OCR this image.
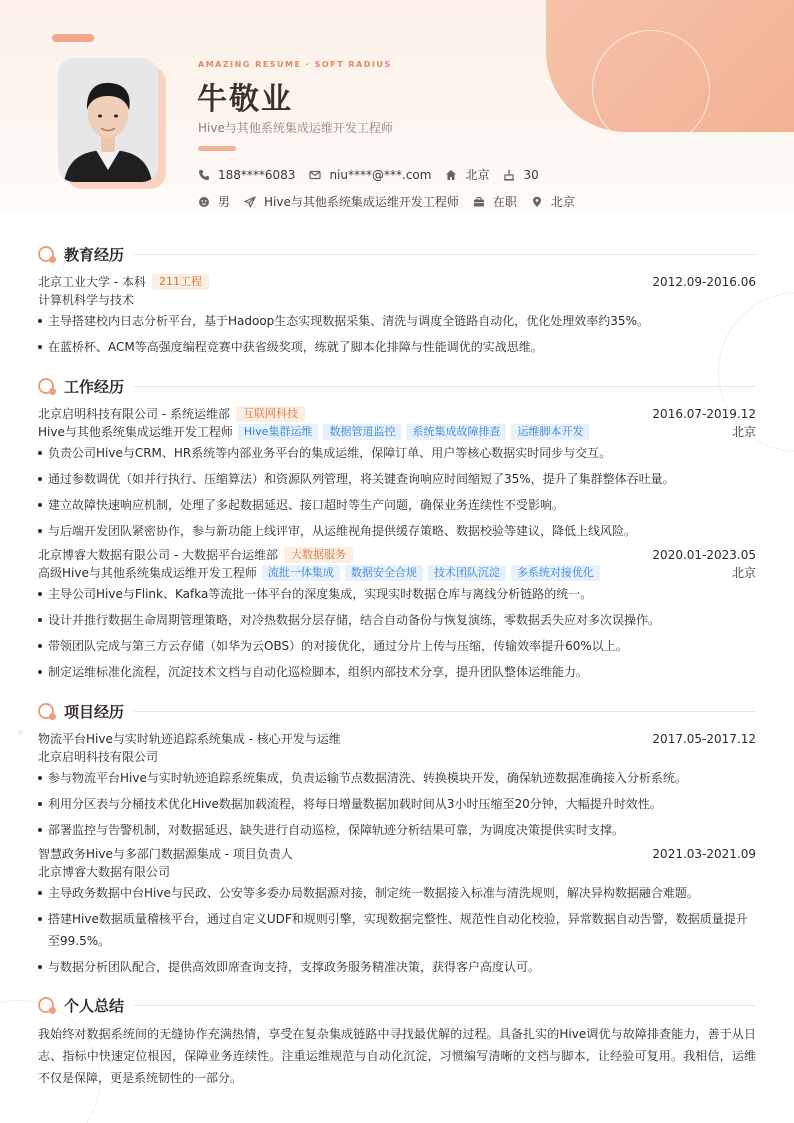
AMAZING RESUME · SOFT RADIUS
牛敬业
Hive与其他系统集成运维开发工程师
188****6083	niu****@***.com	北京	30
男	Hive与其他系统集成运维开发工程师	在职	北京
教育经历
北京工业大学 - 本科	211工程	2012.09-2016.06
计算机科学与技术
主导搭建校内日志分析平台，基于Hadoop生态实现数据采集、清洗与调度全链路自动化，优化处理效率约35%。
在蓝桥杯、ACM等高强度编程竞赛中获省级奖项，练就了脚本化排障与性能调优的实战思维。
工作经历
北京启明科技有限公司 - 系统运维部	互联网科技	2016.07-2019.12
Hive与其他系统集成运维开发工程师	Hive集群运维	数据管道监控	系统集成故障排查	运维脚本开发	北京
负责公司Hive与CRM、HR系统等内部业务平台的集成运维，保障订单、用户等核心数据实时同步与交互。
通过参数调优（如并行执行、压缩算法）和资源队列管理，将关键查询响应时间缩短了35%，提升了集群整体吞吐量。
建立故障快速响应机制，处理了多起数据延迟、接口超时等生产问题，确保业务连续性不受影响。
与后端开发团队紧密协作，参与新功能上线评审，从运维视角提供缓存策略、数据校验等建议，降低上线风险。
北京博睿大数据有限公司 - 大数据平台运维部	大数据服务	2020.01-2023.05
高级Hive与其他系统集成运维开发工程师	流批一体集成	数据安全合规	技术团队沉淀	多系统对接优化	北京
主导公司Hive与Flink、Kafka等流批一体平台的深度集成，实现实时数据仓库与离线分析链路的统一。
设计并推行数据生命周期管理策略，对冷热数据分层存储，结合自动备份与恢复演练，零数据丢失应对多次误操作。
带领团队完成与第三方云存储（如华为云OBS）的对接优化，通过分片上传与压缩，传输效率提升60%以上。
制定运维标准化流程，沉淀技术文档与自动化巡检脚本，组织内部技术分享，提升团队整体运维能力。
项目经历
物流平台Hive与实时轨迹追踪系统集成 - 核心开发与运维	2017.05-2017.12
北京启明科技有限公司
参与物流平台Hive与实时轨迹追踪系统集成，负责运输节点数据清洗、转换模块开发，确保轨迹数据准确接入分析系统。
利用分区表与分桶技术优化Hive数据加载流程，将每日增量数据加载时间从3小时压缩至20分钟，大幅提升时效性。
部署监控与告警机制，对数据延迟、缺失进行自动巡检，保障轨迹分析结果可靠，为调度决策提供实时支撑。
智慧政务Hive与多部门数据源集成 - 项目负责人	2021.03-2021.09
北京博睿大数据有限公司
主导政务数据中台Hive与民政、公安等多委办局数据源对接，制定统一数据接入标准与清洗规则，解决异构数据融合难题。
搭建Hive数据质量稽核平台，通过自定义UDF和规则引擎，实现数据完整性、规范性自动化校验，异常数据自动告警，数据质量提升至99.5%。
与数据分析团队配合，提供高效即席查询支持，支撑政务服务精准决策，获得客户高度认可。
个人总结
我始终对数据系统间的无缝协作充满热情，享受在复杂集成链路中寻找最优解的过程。具备扎实的Hive调优与故障排查能力，善于从日志、指标中快速定位根因，保障业务连续性。注重运维规范与自动化沉淀，习惯编写清晰的文档与脚本，让经验可复用。我相信，运维不仅是保障，更是系统韧性的一部分。
